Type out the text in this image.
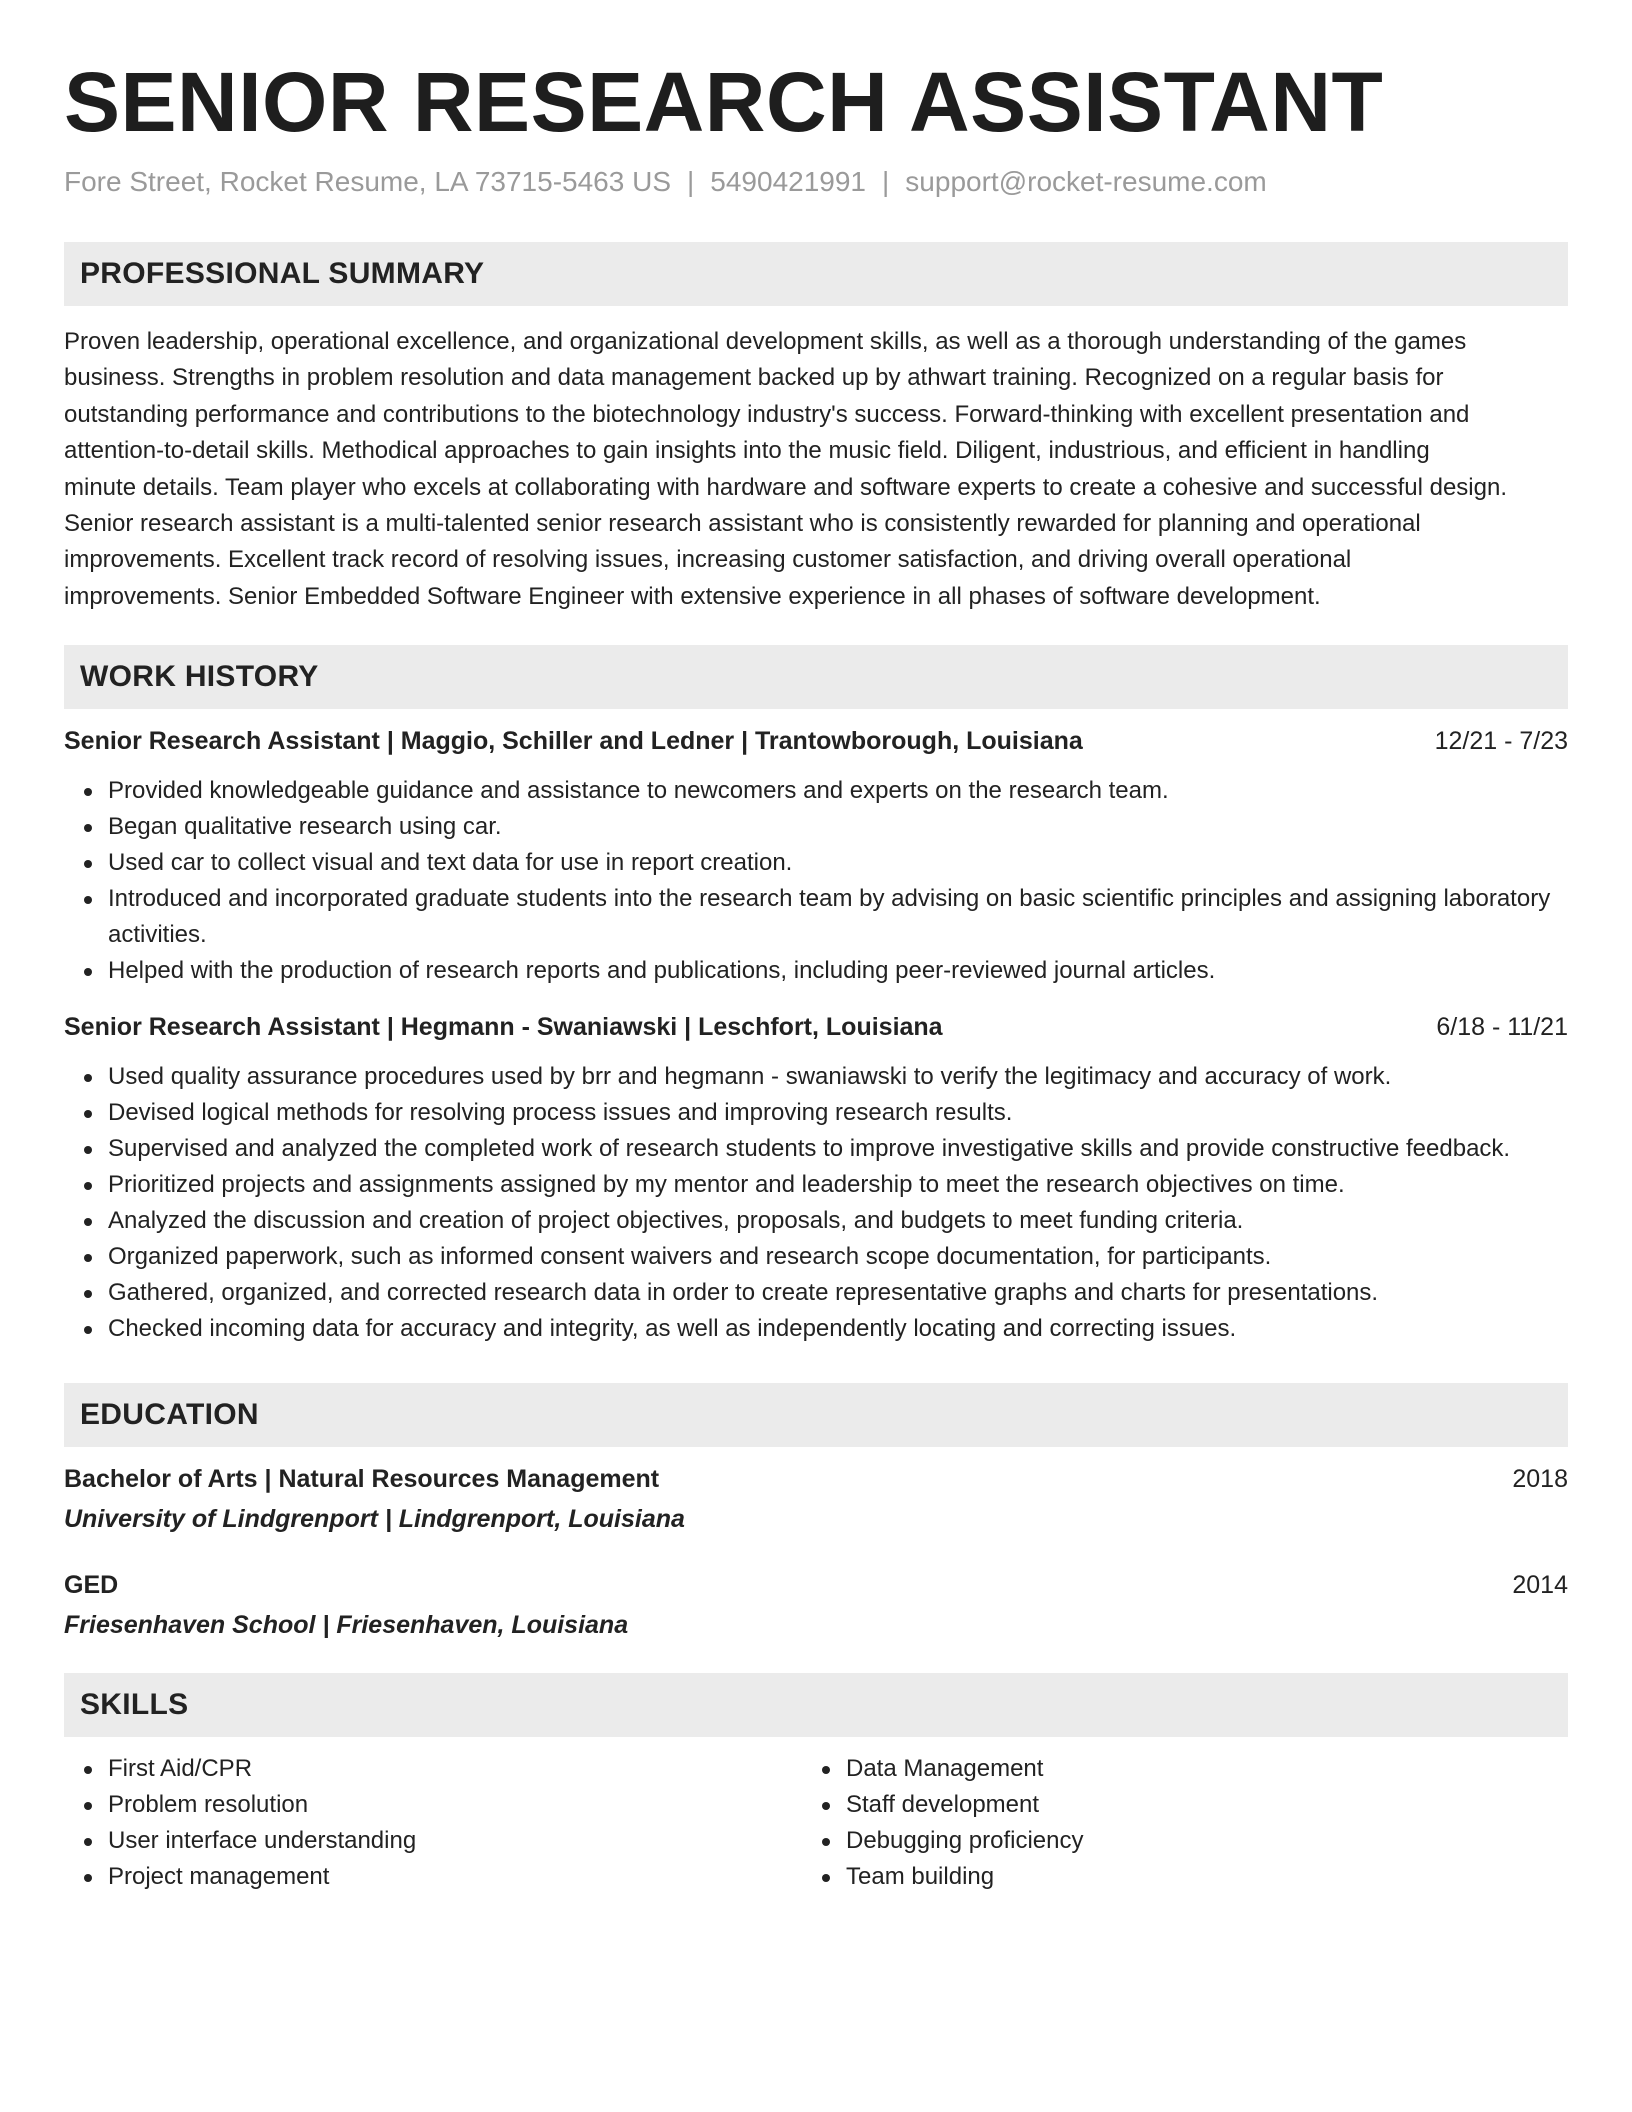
SENIOR RESEARCH ASSISTANT
Fore Street, Rocket Resume, LA 73715-5463 US | 5490421991 | support@rocket-resume.com
PROFESSIONAL SUMMARY
Proven leadership, operational excellence, and organizational development skills, as well as a thorough understanding of the games
business. Strengths in problem resolution and data management backed up by athwart training. Recognized on a regular basis for
outstanding performance and contributions to the biotechnology industry's success. Forward-thinking with excellent presentation and
attention-to-detail skills. Methodical approaches to gain insights into the music field. Diligent, industrious, and efficient in handling
minute details. Team player who excels at collaborating with hardware and software experts to create a cohesive and successful design.
Senior research assistant is a multi-talented senior research assistant who is consistently rewarded for planning and operational
improvements. Excellent track record of resolving issues, increasing customer satisfaction, and driving overall operational
improvements. Senior Embedded Software Engineer with extensive experience in all phases of software development.
WORK HISTORY
Senior Research Assistant | Maggio, Schiller and Ledner | Trantowborough, Louisiana	12/21 - 7/23
Provided knowledgeable guidance and assistance to newcomers and experts on the research team.
Began qualitative research using car.
Used car to collect visual and text data for use in report creation.
Introduced and incorporated graduate students into the research team by advising on basic scientific principles and assigning laboratory activities.
Helped with the production of research reports and publications, including peer-reviewed journal articles.
Senior Research Assistant | Hegmann - Swaniawski | Leschfort, Louisiana	6/18 - 11/21
Used quality assurance procedures used by brr and hegmann - swaniawski to verify the legitimacy and accuracy of work.
Devised logical methods for resolving process issues and improving research results.
Supervised and analyzed the completed work of research students to improve investigative skills and provide constructive feedback.
Prioritized projects and assignments assigned by my mentor and leadership to meet the research objectives on time.
Analyzed the discussion and creation of project objectives, proposals, and budgets to meet funding criteria.
Organized paperwork, such as informed consent waivers and research scope documentation, for participants.
Gathered, organized, and corrected research data in order to create representative graphs and charts for presentations.
Checked incoming data for accuracy and integrity, as well as independently locating and correcting issues.
EDUCATION
Bachelor of Arts | Natural Resources Management	2018
University of Lindgrenport | Lindgrenport, Louisiana
GED	2014
Friesenhaven School | Friesenhaven, Louisiana
SKILLS
First Aid/CPR
Problem resolution
User interface understanding
Project management
Data Management
Staff development
Debugging proficiency
Team building
